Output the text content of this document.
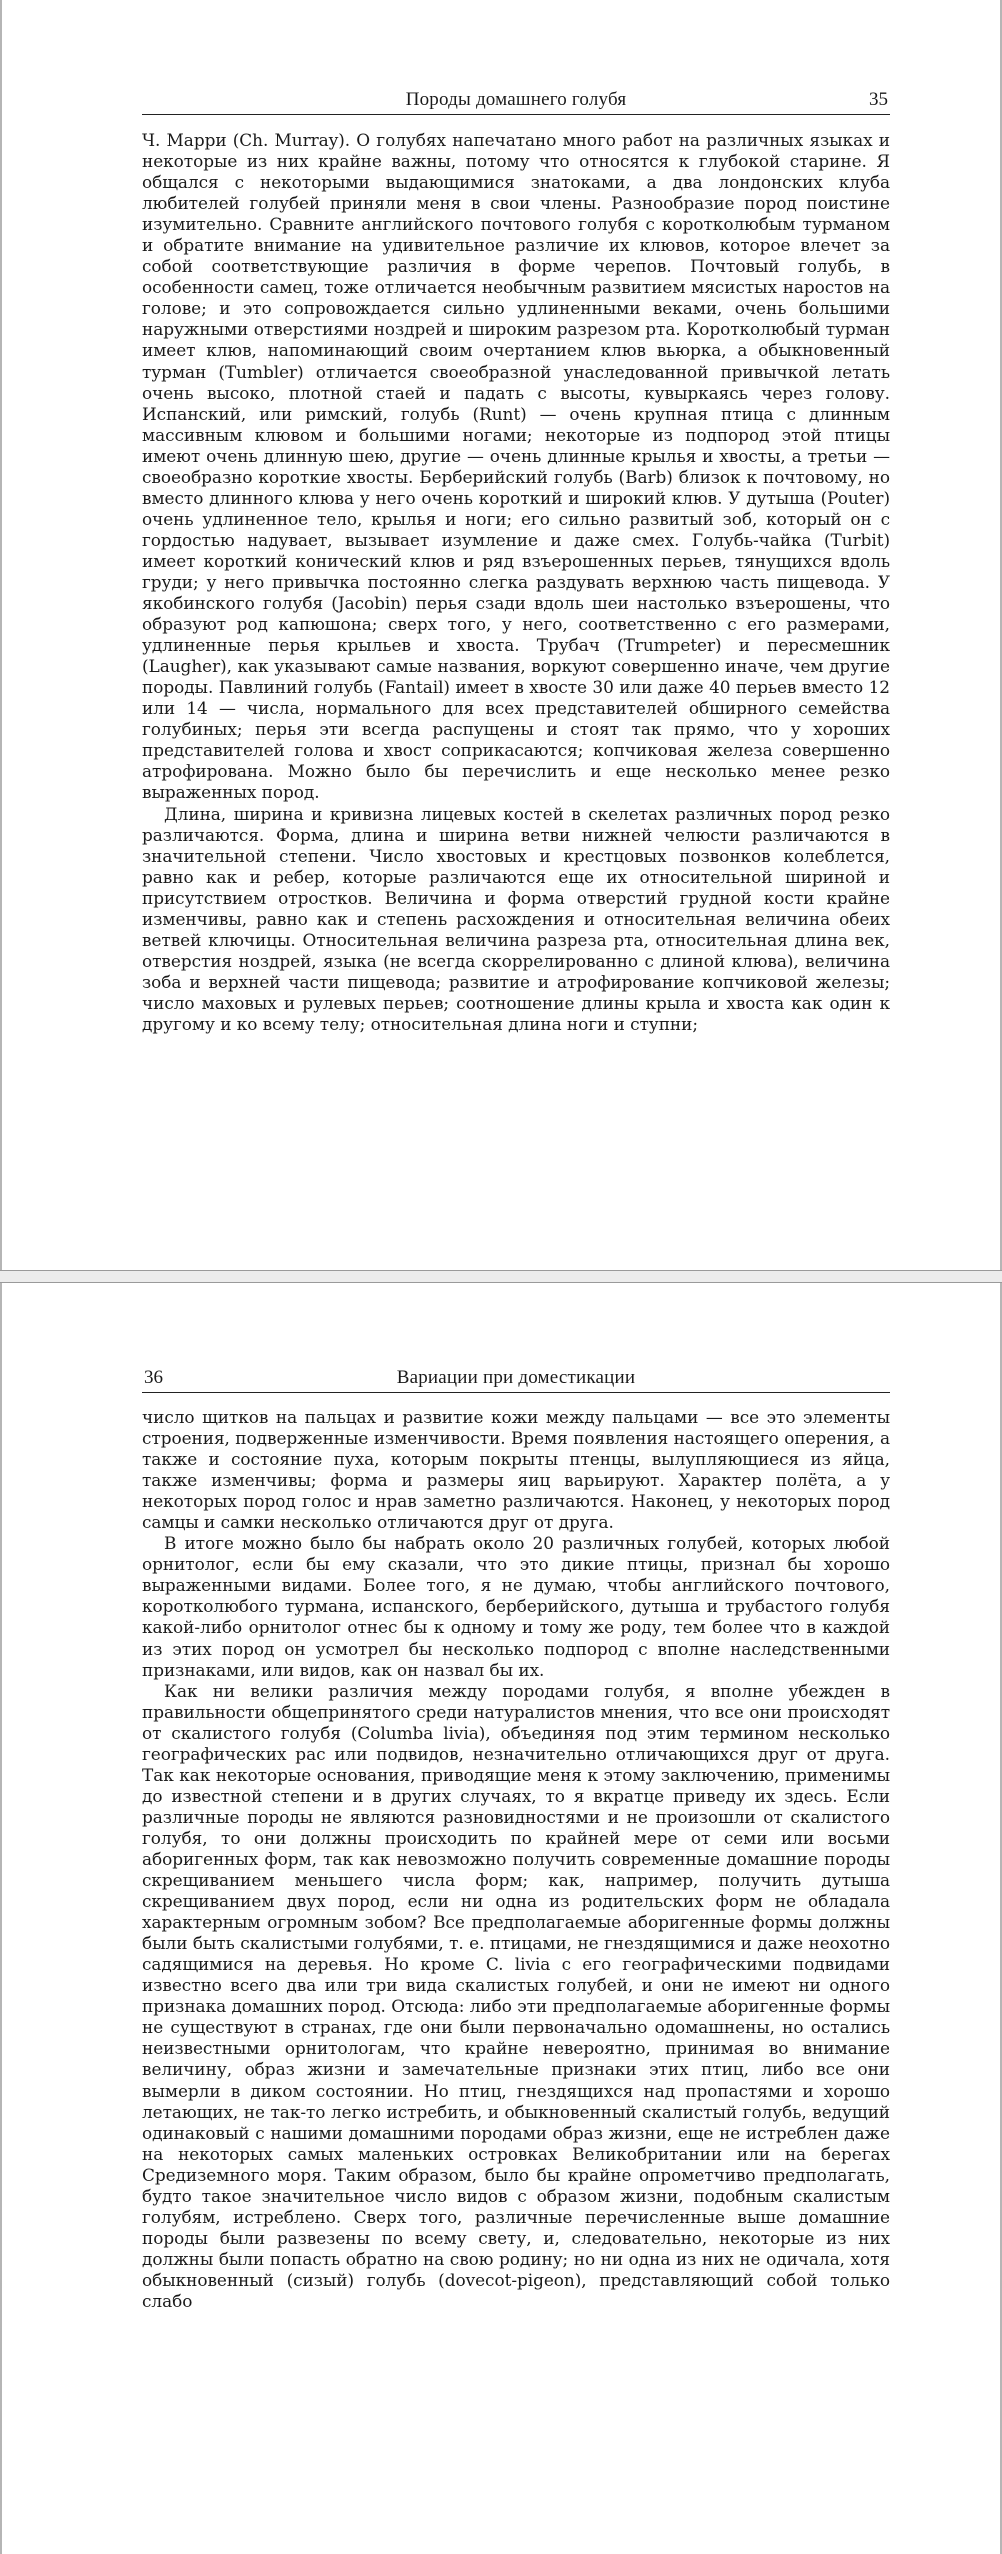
Породы домашнего голубя	35

Ч. Марри (Ch. Murray). О голубях напечатано много работ на различных языках и некоторые из них крайне важны, потому что относятся к глубокой старине. Я общался с некоторыми выдающимися знатоками, а два лондонских клуба любителей голубей приняли меня в свои члены. Разнообразие пород поистине изумительно. Сравните английского почтового голубя с коротколюбым турманом и обратите внимание на удивительное различие их клювов, которое влечет за собой соответствующие различия в форме черепов. Почтовый голубь, в особенности самец, тоже отличается необычным развитием мясистых наростов на голове; и это сопровождается сильно удлиненными веками, очень большими наружными отверстиями ноздрей и широким разрезом рта. Коротколюбый турман имеет клюв, напоминающий своим очертанием клюв вьюрка, а обыкновенный турман (Tumbler) отличается своеобразной унаследованной привычкой летать очень высоко, плотной стаей и падать с высоты, кувыркаясь через голову. Испанский, или римский, голубь (Runt) — очень крупная птица с длинным массивным клювом и большими ногами; некоторые из подпород этой птицы имеют очень длинную шею, другие — очень длинные крылья и хвосты, а третьи — своеобразно короткие хвосты. Берберийский голубь (Barb) близок к почтовому, но вместо длинного клюва у него очень короткий и широкий клюв. У дутыша (Pouter) очень удлиненное тело, крылья и ноги; его сильно развитый зоб, который он с гордостью надувает, вызывает изумление и даже смех. Голубь-чайка (Turbit) имеет короткий конический клюв и ряд взъерошенных перьев, тянущихся вдоль груди; у него привычка постоянно слегка раздувать верхнюю часть пищевода. У якобинского голубя (Jacobin) перья сзади вдоль шеи настолько взъерошены, что образуют род капюшона; сверх того, у него, соответственно с его размерами, удлиненные перья крыльев и хвоста. Трубач (Trumpeter) и пересмешник (Laugher), как указывают самые названия, воркуют совершенно иначе, чем другие породы. Павлиний голубь (Fantail) имеет в хвосте 30 или даже 40 перьев вместо 12 или 14 — числа, нормального для всех представителей обширного семейства голубиных; перья эти всегда распущены и стоят так прямо, что у хороших представителей голова и хвост соприкасаются; копчиковая железа совершенно атрофирована. Можно было бы перечислить и еще несколько менее резко выраженных пород.

Длина, ширина и кривизна лицевых костей в скелетах различных пород резко различаются. Форма, длина и ширина ветви нижней челюсти различаются в значительной степени. Число хвостовых и крестцовых позвонков колеблется, равно как и ребер, которые различаются еще их относительной шириной и присутствием отростков. Величина и форма отверстий грудной кости крайне изменчивы, равно как и степень расхождения и относительная величина обеих ветвей ключицы. Относительная величина разреза рта, относительная длина век, отверстия ноздрей, языка (не всегда скоррелированно с длиной клюва), величина зоба и верхней части пищевода; развитие и атрофирование копчиковой железы; число маховых и рулевых перьев; соотношение длины крыла и хвоста как один к другому и ко всему телу; относительная длина ноги и ступни;

36	Вариации при доместикации

число щитков на пальцах и развитие кожи между пальцами — все это элементы строения, подверженные изменчивости. Время появления настоящего оперения, а также и состояние пуха, которым покрыты птенцы, вылупляющиеся из яйца, также изменчивы; форма и размеры яиц варьируют. Характер полёта, а у некоторых пород голос и нрав заметно различаются. Наконец, у некоторых пород самцы и самки несколько отличаются друг от друга.

В итоге можно было бы набрать около 20 различных голубей, которых любой орнитолог, если бы ему сказали, что это дикие птицы, признал бы хорошо выраженными видами. Более того, я не думаю, чтобы английского почтового, коротколюбого турмана, испанского, берберийского, дутыша и трубастого голубя какой-либо орнитолог отнес бы к одному и тому же роду, тем более что в каждой из этих пород он усмотрел бы несколько подпород с вполне наследственными признаками, или видов, как он назвал бы их.

Как ни велики различия между породами голубя, я вполне убежден в правильности общепринятого среди натуралистов мнения, что все они происходят от скалистого голубя (Columba livia), объединяя под этим термином несколько географических рас или подвидов, незначительно отличающихся друг от друга. Так как некоторые основания, приводящие меня к этому заключению, применимы до известной степени и в других случаях, то я вкратце приведу их здесь. Если различные породы не являются разновидностями и не произошли от скалистого голубя, то они должны происходить по крайней мере от семи или восьми аборигенных форм, так как невозможно получить современные домашние породы скрещиванием меньшего числа форм; как, например, получить дутыша скрещиванием двух пород, если ни одна из родительских форм не обладала характерным огромным зобом? Все предполагаемые аборигенные формы должны были быть скалистыми голубями, т. е. птицами, не гнездящимися и даже неохотно садящимися на деревья. Но кроме C. livia с его географическими подвидами известно всего два или три вида скалистых голубей, и они не имеют ни одного признака домашних пород. Отсюда: либо эти предполагаемые аборигенные формы не существуют в странах, где они были первоначально одомашнены, но остались неизвестными орнитологам, что крайне невероятно, принимая во внимание величину, образ жизни и замечательные признаки этих птиц, либо все они вымерли в диком состоянии. Но птиц, гнездящихся над пропастями и хорошо летающих, не так-то легко истребить, и обыкновенный скалистый голубь, ведущий одинаковый с нашими домашними породами образ жизни, еще не истреблен даже на некоторых самых маленьких островках Великобритании или на берегах Средиземного моря. Таким образом, было бы крайне опрометчиво предполагать, будто такое значительное число видов с образом жизни, подобным скалистым голубям, истреблено. Сверх того, различные перечисленные выше домашние породы были развезены по всему свету, и, следовательно, некоторые из них должны были попасть обратно на свою родину; но ни одна из них не одичала, хотя обыкновенный (сизый) голубь (dovecot-pigeon), представляющий собой только слабо
